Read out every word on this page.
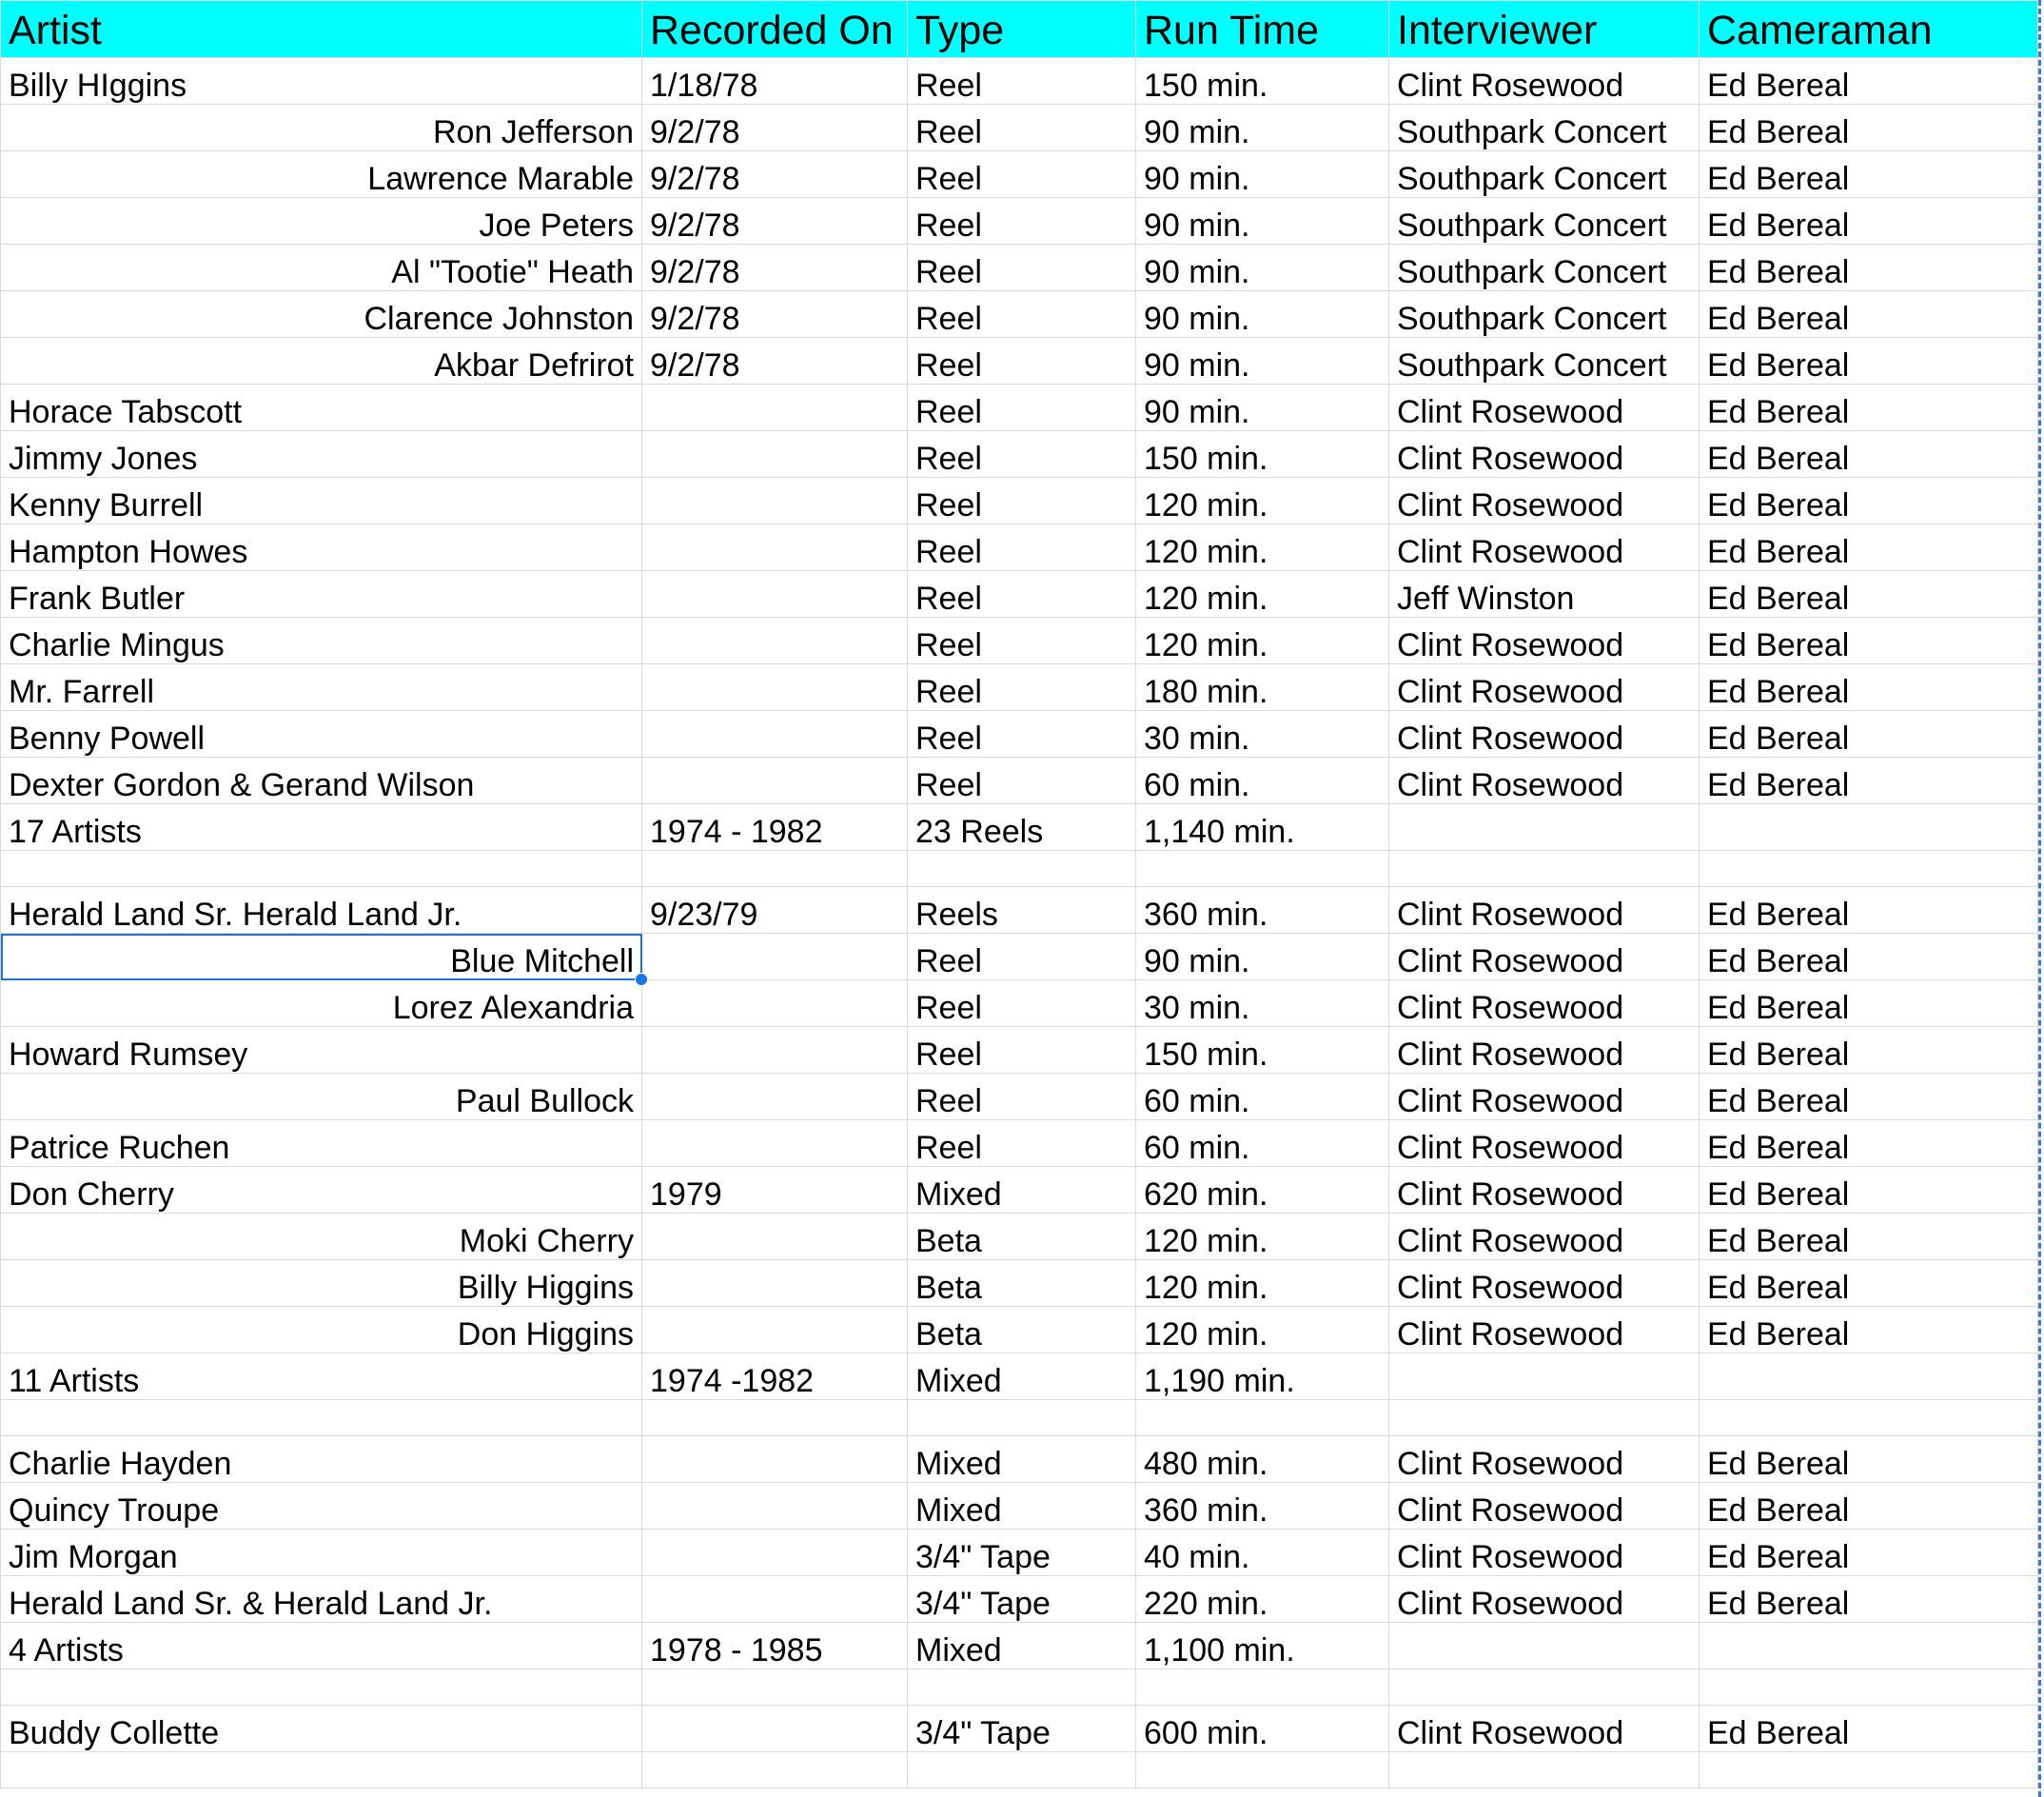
Artist	Recorded On	Type	Run Time	Interviewer	Cameraman
Billy HIggins	1/18/78	Reel	150 min.	Clint Rosewood	Ed Bereal
Ron Jefferson	9/2/78	Reel	90 min.	Southpark Concert	Ed Bereal
Lawrence Marable	9/2/78	Reel	90 min.	Southpark Concert	Ed Bereal
Joe Peters	9/2/78	Reel	90 min.	Southpark Concert	Ed Bereal
Al "Tootie" Heath	9/2/78	Reel	90 min.	Southpark Concert	Ed Bereal
Clarence Johnston	9/2/78	Reel	90 min.	Southpark Concert	Ed Bereal
Akbar Defrirot	9/2/78	Reel	90 min.	Southpark Concert	Ed Bereal
Horace Tabscott		Reel	90 min.	Clint Rosewood	Ed Bereal
Jimmy Jones		Reel	150 min.	Clint Rosewood	Ed Bereal
Kenny Burrell		Reel	120 min.	Clint Rosewood	Ed Bereal
Hampton Howes		Reel	120 min.	Clint Rosewood	Ed Bereal
Frank Butler		Reel	120 min.	Jeff Winston	Ed Bereal
Charlie Mingus		Reel	120 min.	Clint Rosewood	Ed Bereal
Mr. Farrell		Reel	180 min.	Clint Rosewood	Ed Bereal
Benny Powell		Reel	30 min.	Clint Rosewood	Ed Bereal
Dexter Gordon & Gerand Wilson		Reel	60 min.	Clint Rosewood	Ed Bereal
17 Artists	1974 - 1982	23 Reels	1,140 min.		

Herald Land Sr. Herald Land Jr.	9/23/79	Reels	360 min.	Clint Rosewood	Ed Bereal
Blue Mitchell		Reel	90 min.	Clint Rosewood	Ed Bereal
Lorez Alexandria		Reel	30 min.	Clint Rosewood	Ed Bereal
Howard Rumsey		Reel	150 min.	Clint Rosewood	Ed Bereal
Paul Bullock		Reel	60 min.	Clint Rosewood	Ed Bereal
Patrice Ruchen		Reel	60 min.	Clint Rosewood	Ed Bereal
Don Cherry	1979	Mixed	620 min.	Clint Rosewood	Ed Bereal
Moki Cherry		Beta	120 min.	Clint Rosewood	Ed Bereal
Billy Higgins		Beta	120 min.	Clint Rosewood	Ed Bereal
Don Higgins		Beta	120 min.	Clint Rosewood	Ed Bereal
11 Artists	1974 -1982	Mixed	1,190 min.		

Charlie Hayden		Mixed	480 min.	Clint Rosewood	Ed Bereal
Quincy Troupe		Mixed	360 min.	Clint Rosewood	Ed Bereal
Jim Morgan		3/4" Tape	40 min.	Clint Rosewood	Ed Bereal
Herald Land Sr. & Herald Land Jr.		3/4" Tape	220 min.	Clint Rosewood	Ed Bereal
4 Artists	1978 - 1985	Mixed	1,100 min.		

Buddy Collette		3/4" Tape	600 min.	Clint Rosewood	Ed Bereal
